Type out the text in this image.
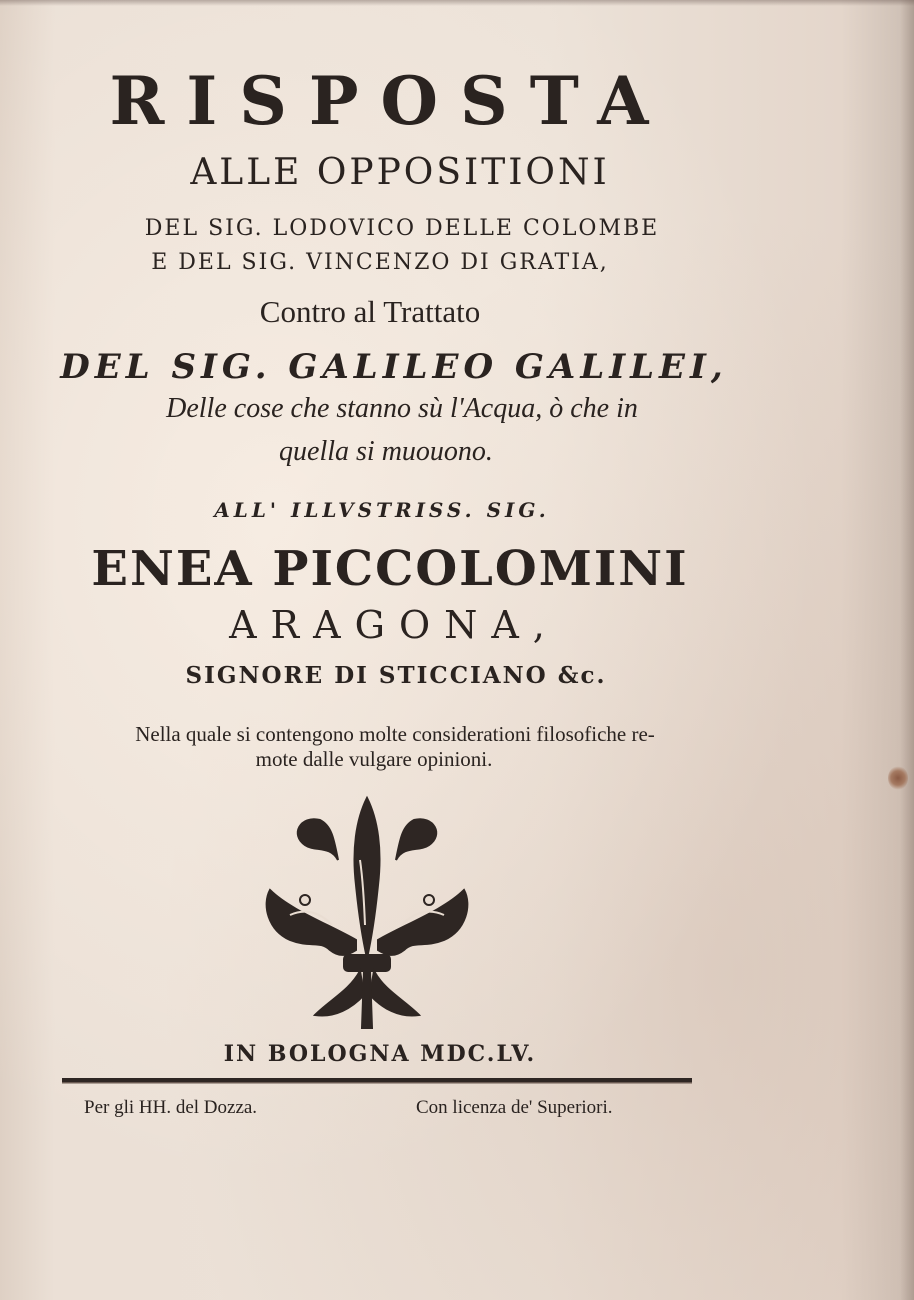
RISPOSTA
ALLE OPPOSITIONI
DEL SIG. LODOVICO DELLE COLOMBE
E DEL SIG. VINCENZO DI GRATIA,
Contro al Trattato
DEL SIG. GALILEO GALILEI,
Delle cose che stanno sù l'Acqua, ò che in
quella si muouono.
ALL' ILLVSTRISS. SIG.
ENEA PICCOLOMINI
ARAGONA,
SIGNORE DI STICCIANO &c.
Nella quale si contengono molte considerationi filosofiche re-
mote dalle vulgare opinioni.
IN BOLOGNA MDC.LV.
Per gli HH. del Dozza.	Con licenza de' Superiori.
